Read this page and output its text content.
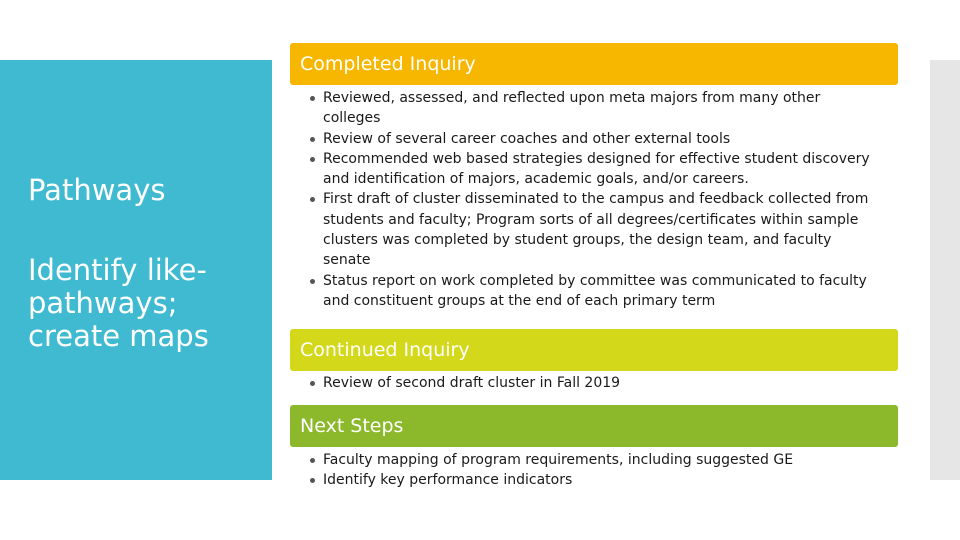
Pathways
Identify like-pathways; create maps
Completed Inquiry
Reviewed, assessed, and reflected upon meta majors from many other colleges
Review of several career coaches and other external tools
Recommended web based strategies designed for effective student discovery and identification of majors, academic goals, and/or careers.
First draft of cluster disseminated to the campus and feedback collected from students and faculty; Program sorts of all degrees/certificates within sample clusters was completed by student groups, the design team, and faculty senate
Status report on work completed by committee was communicated to faculty and constituent groups at the end of each primary term
Continued Inquiry
Review of second draft cluster in Fall 2019
Next Steps
Faculty mapping of program requirements, including suggested GE
Identify key performance indicators
